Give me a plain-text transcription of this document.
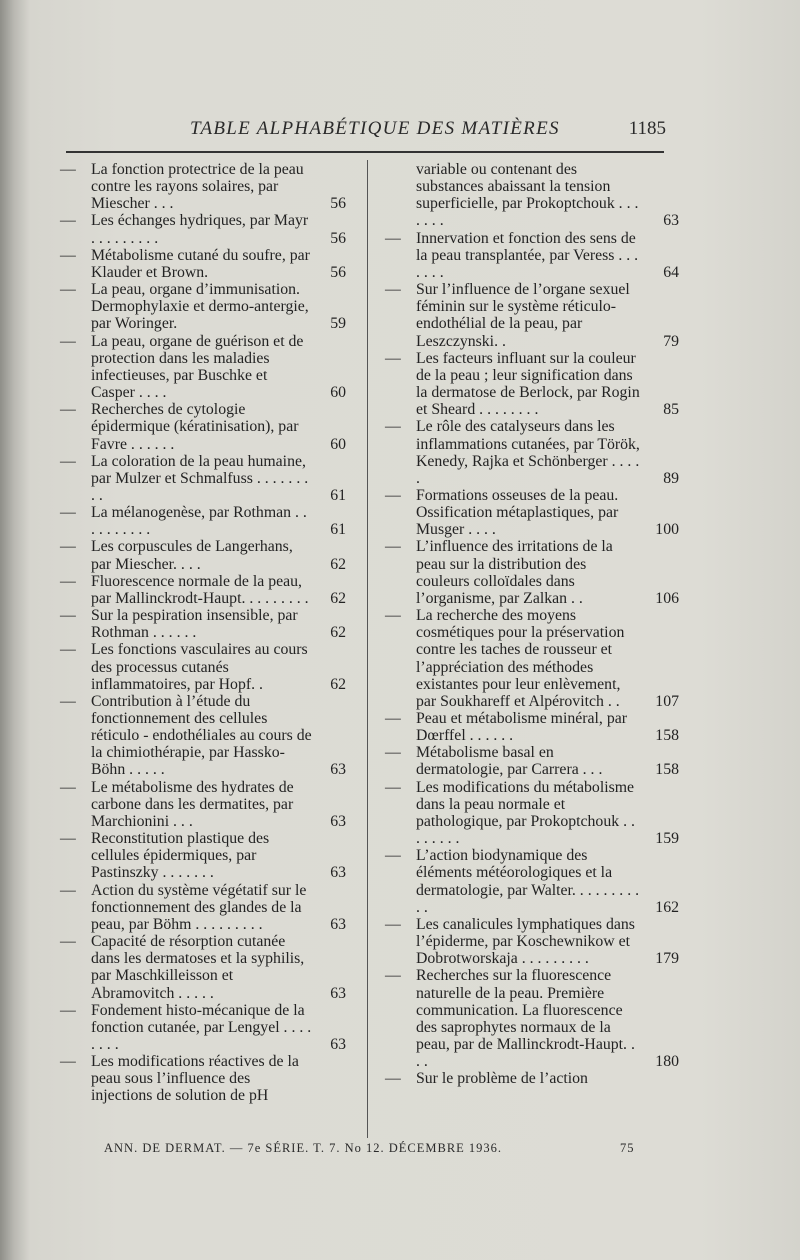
TABLE ALPHABÉTIQUE DES MATIÈRES	1185
— La fonction protectrice de la peau contre les rayons solaires, par Miescher . . .	56
— Les échanges hydriques, par Mayr . . . . . . . . .	56
— Métabolisme cutané du soufre, par Klauder et Brown.	56
— La peau, organe d’immunisation. Dermophylaxie et dermo-antergie, par Woringer.	59
— La peau, organe de guérison et de protection dans les maladies infectieuses, par Buschke et Casper . . . .	60
— Recherches de cytologie épidermique (kératinisation), par Favre . . . . . .	60
— La coloration de la peau humaine, par Mulzer et Schmalfuss . . . . . . . . .	61
— La mélanogenèse, par Rothman . . . . . . . . . .	61
— Les corpuscules de Langerhans, par Miescher. . . .	62
— Fluorescence normale de la peau, par Mallinckrodt-Haupt. . . . . . . . .	62
— Sur la pespiration insensible, par Rothman . . . . . .	62
— Les fonctions vasculaires au cours des processus cutanés inflammatoires, par Hopf. .	62
— Contribution à l’étude du fonctionnement des cellules réticulo - endothéliales au cours de la chimiothérapie, par Hassko-Böhn . . . . .	63
— Le métabolisme des hydrates de carbone dans les dermatites, par Marchionini . . .	63
— Reconstitution plastique des cellules épidermiques, par Pastinszky . . . . . . .	63
— Action du système végétatif sur le fonctionnement des glandes de la peau, par Böhm . . . . . . . . .	63
— Capacité de résorption cutanée dans les dermatoses et la syphilis, par Maschkilleisson et Abramovitch . . . . .	63
— Fondement histo-mécanique de la fonction cutanée, par Lengyel . . . . . . . .	63
— Les modifications réactives de la peau sous l’influence des injections de solution de pH
variable ou contenant des substances abaissant la tension superficielle, par Prokoptchouk . . . . . . .	63
— Innervation et fonction des sens de la peau transplantée, par Veress . . . . . . .	64
— Sur l’influence de l’organe sexuel féminin sur le système réticulo-endothélial de la peau, par Leszczynski. .	79
— Les facteurs influant sur la couleur de la peau ; leur signification dans la dermatose de Berlock, par Rogin et Sheard . . . . . . . .	85
— Le rôle des catalyseurs dans les inflammations cutanées, par Török, Kenedy, Rajka et Schönberger . . . . .	89
— Formations osseuses de la peau. Ossification métaplastiques, par Musger . . . .	100
— L’influence des irritations de la peau sur la distribution des couleurs colloïdales dans l’organisme, par Zalkan . .	106
— La recherche des moyens cosmétiques pour la préservation contre les taches de rousseur et l’appréciation des méthodes existantes pour leur enlèvement, par Soukhareff et Alpérovitch . .	107
— Peau et métabolisme minéral, par Dœrffel . . . . . .	158
— Métabolisme basal en dermatologie, par Carrera . . .	158
— Les modifications du métabolisme dans la peau normale et pathologique, par Prokoptchouk . . . . . . . .	159
— L’action biodynamique des éléments météorologiques et la dermatologie, par Walter. . . . . . . . . . .	162
— Les canalicules lymphatiques dans l’épiderme, par Koschewnikow et Dobrotworskaja . . . . . . . . .	179
— Recherches sur la fluorescence naturelle de la peau. Première communication. La fluorescence des saprophytes normaux de la peau, par de Mallinckrodt-Haupt. . . .	180
— Sur le problème de l’action
ANN. DE DERMAT. — 7e SÉRIE. T. 7. No 12. DÉCEMBRE 1936.	75
